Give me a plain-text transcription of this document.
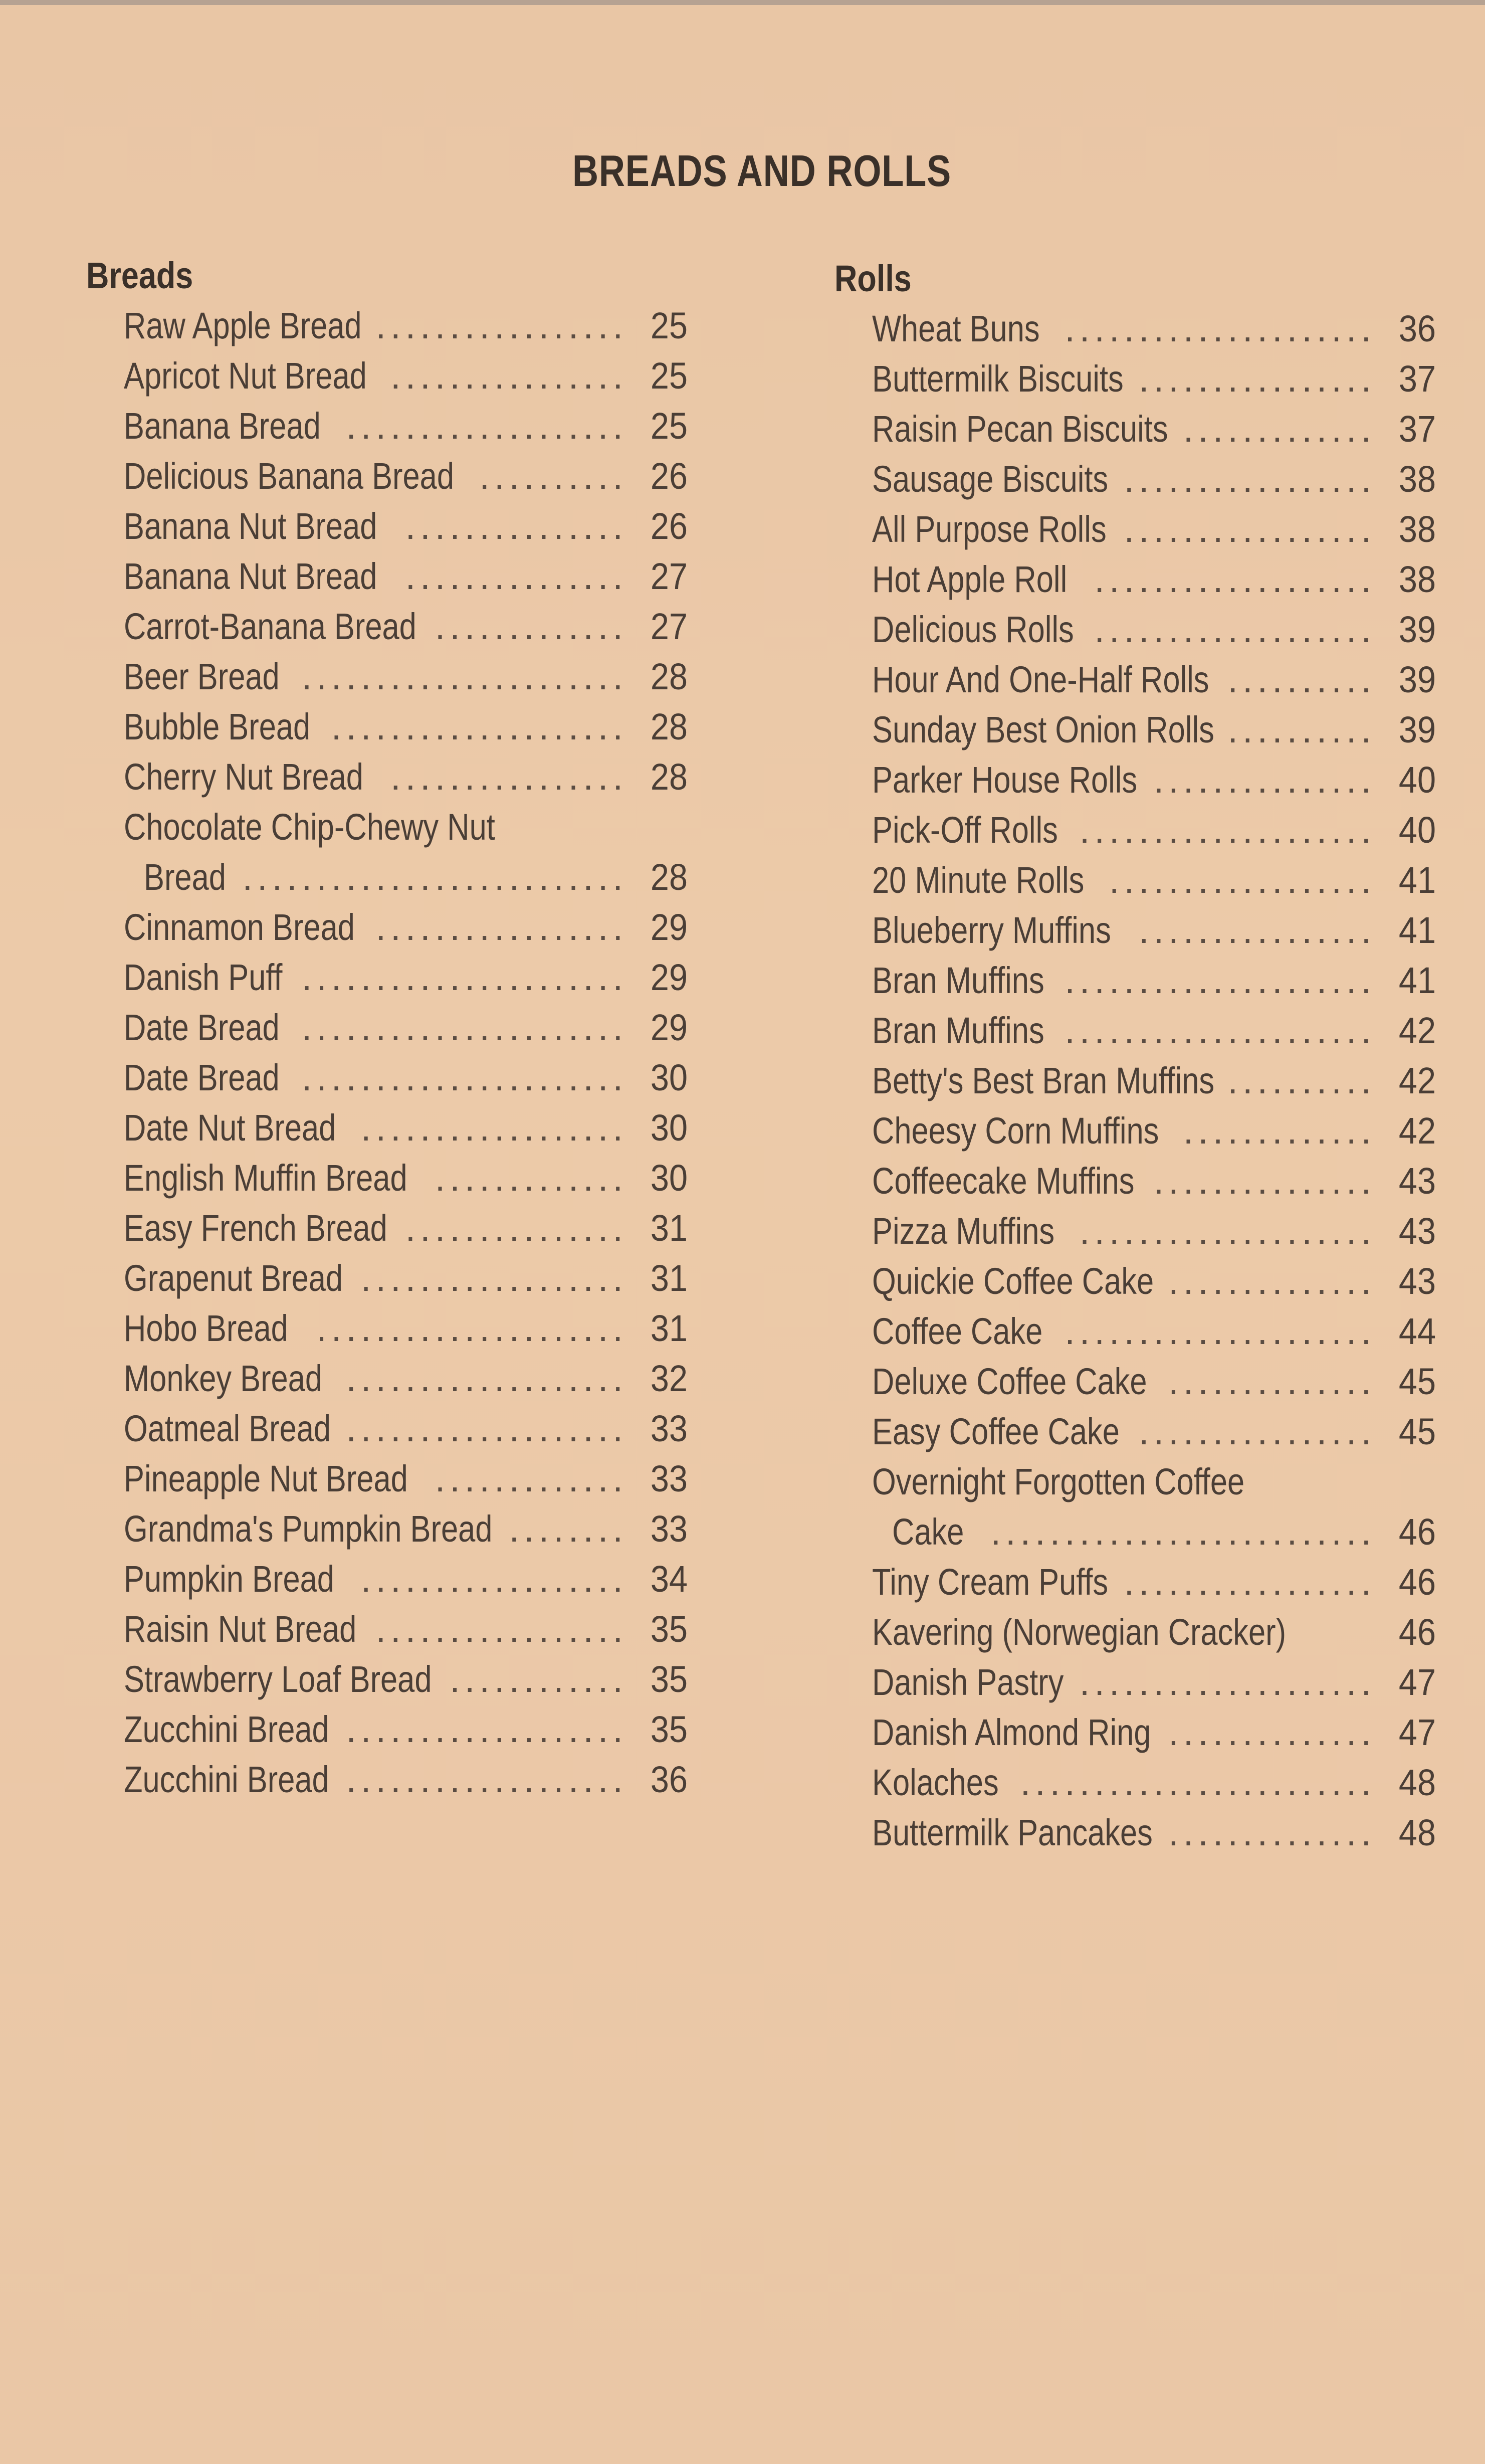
BREADS AND ROLLS
Breads
Raw Apple Bread ................. 25
Apricot Nut Bread ................ 25
Banana Bread ................... 25
Delicious Banana Bread .......... 26
Banana Nut Bread ............... 26
Banana Nut Bread ............... 27
Carrot-Banana Bread ............. 27
Beer Bread ...................... 28
Bubble Bread .................... 28
Cherry Nut Bread ................ 28
Chocolate Chip-Chewy Nut
Bread .......................... 28
Cinnamon Bread ................. 29
Danish Puff ...................... 29
Date Bread ...................... 29
Date Bread ...................... 30
Date Nut Bread .................. 30
English Muffin Bread ............. 30
Easy French Bread ............... 31
Grapenut Bread .................. 31
Hobo Bread ..................... 31
Monkey Bread ................... 32
Oatmeal Bread ................... 33
Pineapple Nut Bread ............. 33
Grandma's Pumpkin Bread ........ 33
Pumpkin Bread .................. 34
Raisin Nut Bread ................. 35
Strawberry Loaf Bread ............ 35
Zucchini Bread ................... 35
Zucchini Bread ................... 36
Rolls
Wheat Buns ..................... 36
Buttermilk Biscuits ................ 37
Raisin Pecan Biscuits ............. 37
Sausage Biscuits ................. 38
All Purpose Rolls ................. 38
Hot Apple Roll ................... 38
Delicious Rolls ................... 39
Hour And One-Half Rolls .......... 39
Sunday Best Onion Rolls .......... 39
Parker House Rolls ............... 40
Pick-Off Rolls .................... 40
20 Minute Rolls .................. 41
Blueberry Muffins ................ 41
Bran Muffins ..................... 41
Bran Muffins ..................... 42
Betty's Best Bran Muffins .......... 42
Cheesy Corn Muffins ............. 42
Coffeecake Muffins ............... 43
Pizza Muffins .................... 43
Quickie Coffee Cake .............. 43
Coffee Cake ..................... 44
Deluxe Coffee Cake .............. 45
Easy Coffee Cake ................ 45
Overnight Forgotten Coffee
Cake .......................... 46
Tiny Cream Puffs ................. 46
Kavering (Norwegian Cracker)	46
Danish Pastry .................... 47
Danish Almond Ring .............. 47
Kolaches ........................ 48
Buttermilk Pancakes .............. 48
